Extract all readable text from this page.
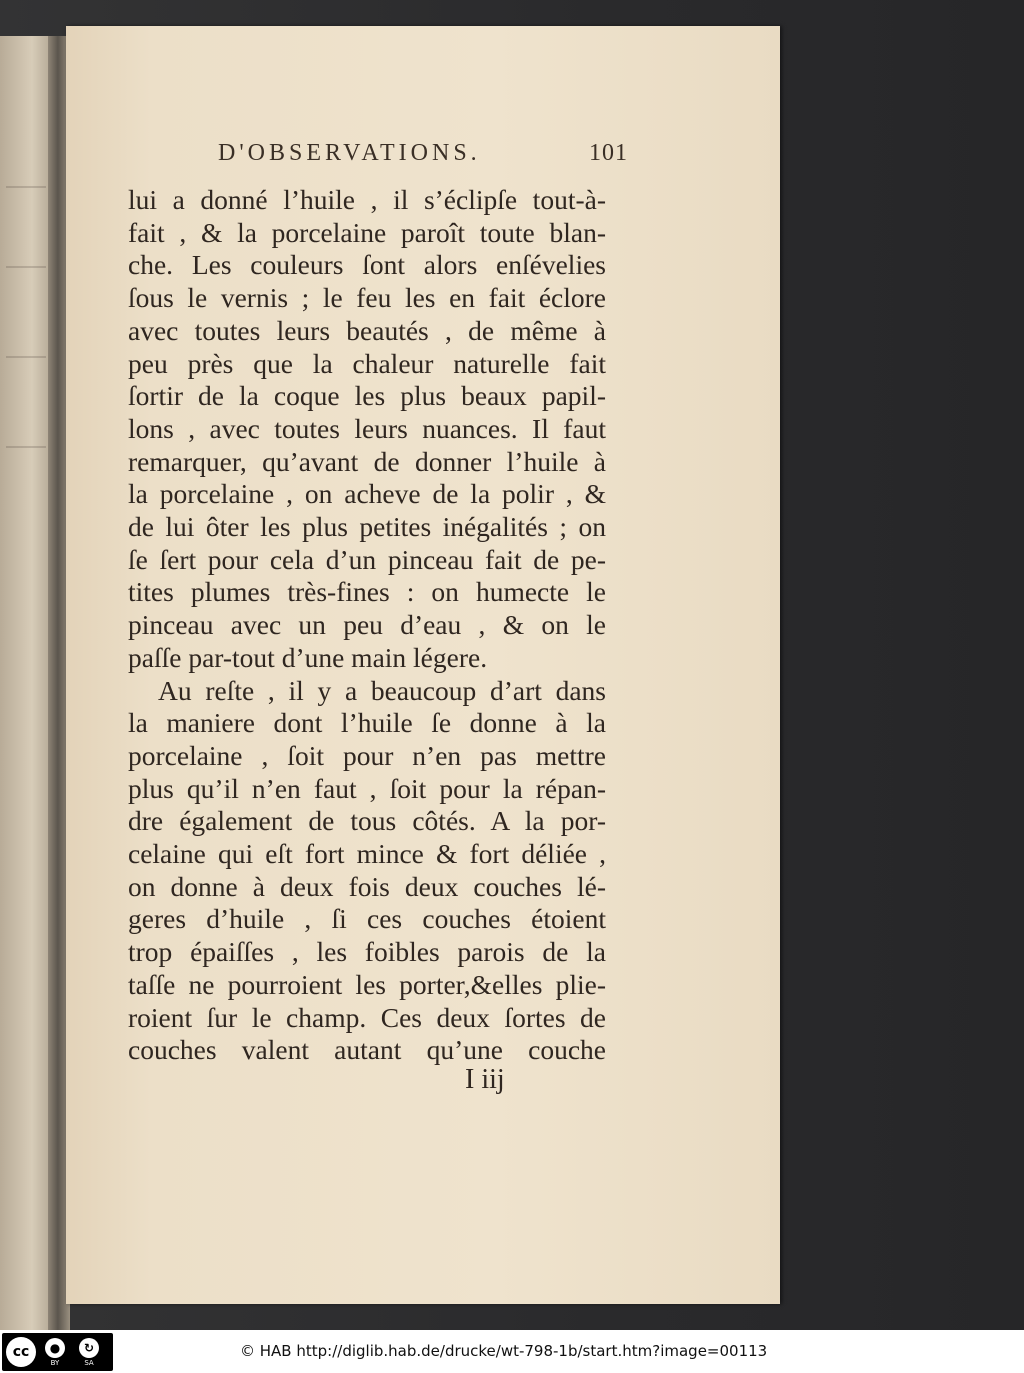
D'OBSERVATIONS.	101
lui a donné l’huile , il s’éclipſe tout-à-
fait , & la porcelaine paroît toute blan-
che. Les couleurs ſont alors enſévelies
ſous le vernis ; le feu les en fait éclore
avec toutes leurs beautés , de même à
peu près que la chaleur naturelle fait
ſortir de la coque les plus beaux papil-
lons , avec toutes leurs nuances. Il faut
remarquer, qu’avant de donner l’huile à
la porcelaine , on acheve de la polir , &
de lui ôter les plus petites inégalités ; on
ſe ſert pour cela d’un pinceau fait de pe-
tites plumes très-fines : on humecte le
pinceau avec un peu d’eau , & on le
paſſe par-tout d’une main légere.
Au reſte , il y a beaucoup d’art dans
la maniere dont l’huile ſe donne à la
porcelaine , ſoit pour n’en pas mettre
plus qu’il n’en faut , ſoit pour la répan-
dre également de tous côtés. A la por-
celaine qui eſt fort mince & fort déliée ,
on donne à deux fois deux couches lé-
geres d’huile , ſi ces couches étoient
trop épaiſſes , les foibles parois de la
taſſe ne pourroient les porter,&elles plie-
roient ſur le champ. Ces deux ſortes de
couches valent autant qu’une couche
I iij
cc	●
BY
↻
SA
© HAB http://diglib.hab.de/drucke/wt-798-1b/start.htm?image=00113
